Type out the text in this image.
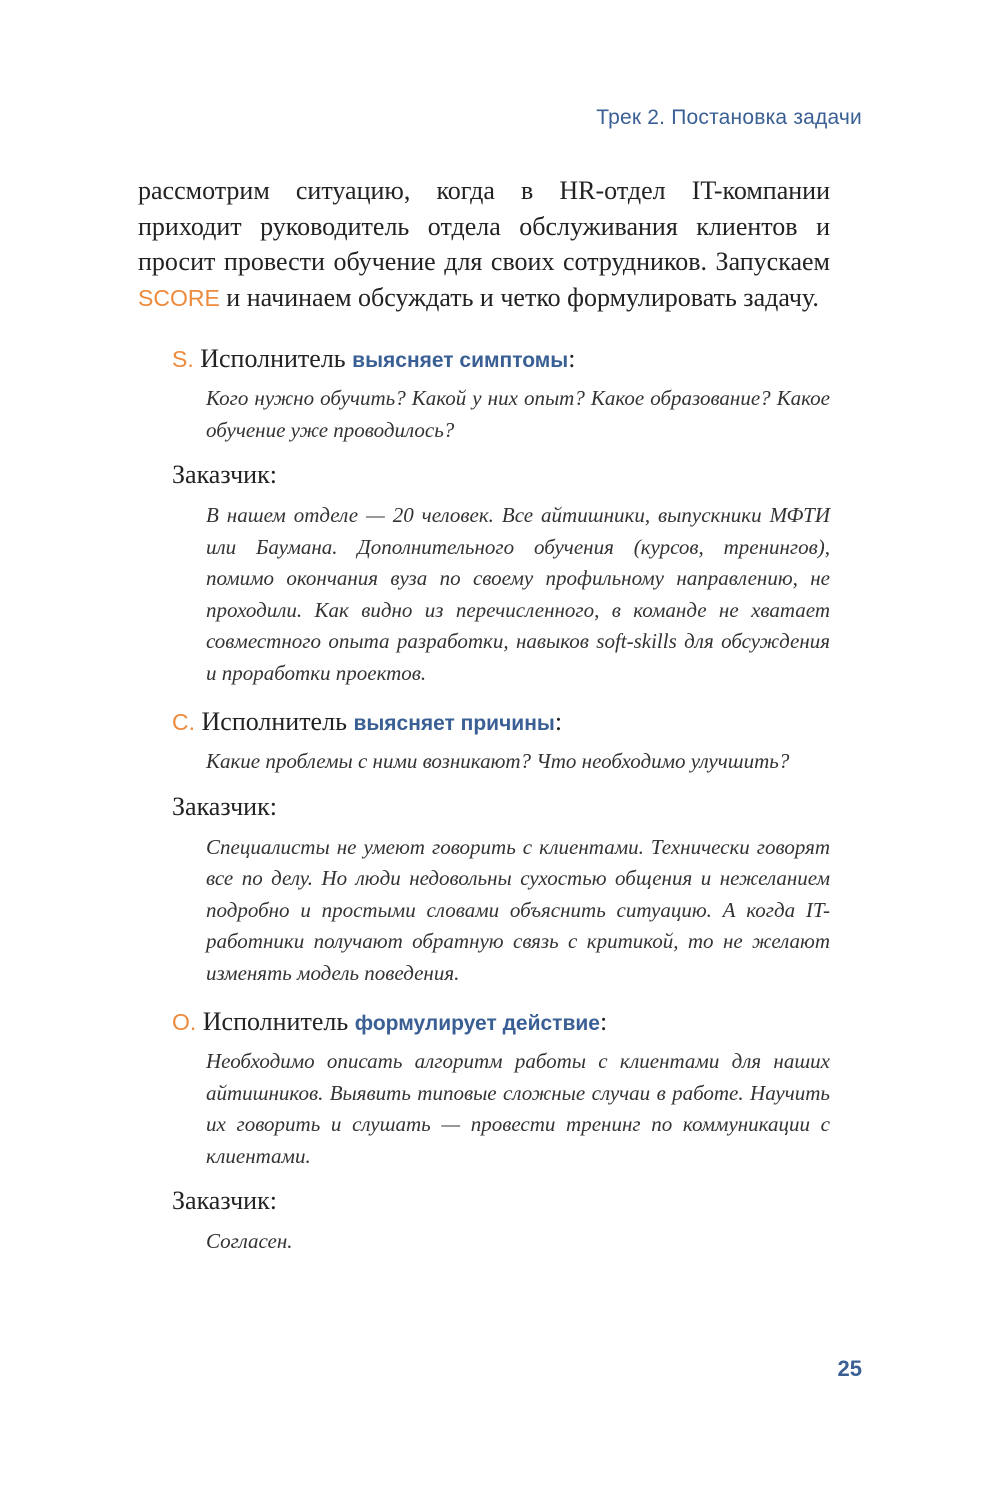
Трек 2. Постановка задачи

рассмотрим ситуацию, когда в HR-отдел IT-компании приходит руководитель отдела обслуживания клиентов и просит провести обучение для своих сотрудников. Запускаем SCORE и начинаем обсуждать и четко формулировать задачу.

S. Исполнитель выясняет симптомы:

Кого нужно обучить? Какой у них опыт? Какое образование? Какое обучение уже проводилось?

Заказчик:

В нашем отделе — 20 человек. Все айтишники, выпускники МФТИ или Баумана. Дополнительного обучения (курсов, тренингов), помимо окончания вуза по своему профильному направлению, не проходили. Как видно из перечисленного, в команде не хватает совместного опыта разработки, навыков soft-skills для обсуждения и проработки проектов.

C. Исполнитель выясняет причины:

Какие проблемы с ними возникают? Что необходимо улучшить?

Заказчик:

Специалисты не умеют говорить с клиентами. Технически говорят все по делу. Но люди недовольны сухостью общения и нежеланием подробно и простыми словами объяснить ситуацию. А когда IT-работники получают обратную связь с критикой, то не желают изменять модель поведения.

O. Исполнитель формулирует действие:

Необходимо описать алгоритм работы с клиентами для наших айтишников. Выявить типовые сложные случаи в работе. Научить их говорить и слушать — провести тренинг по коммуникации с клиентами.

Заказчик:

Согласен.

25
